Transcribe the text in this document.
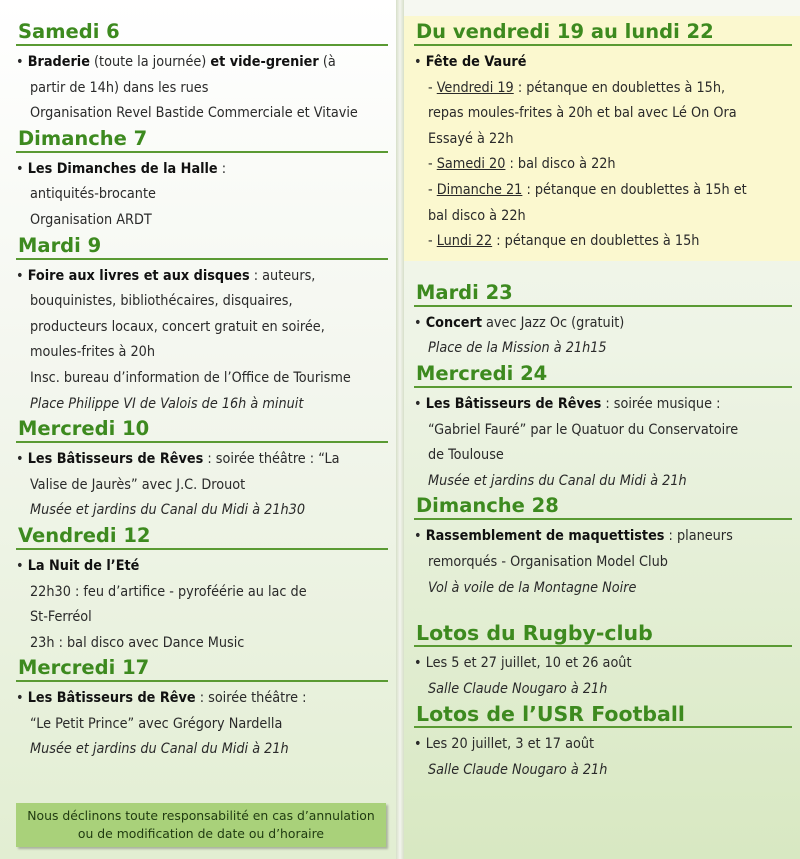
Samedi 6
• Braderie (toute la journée) et vide-grenier (à
partir de 14h) dans les rues
Organisation Revel Bastide Commerciale et Vitavie
Dimanche 7
• Les Dimanches de la Halle :
antiquités-brocante
Organisation ARDT
Mardi 9
• Foire aux livres et aux disques : auteurs,
bouquinistes, bibliothécaires, disquaires,
producteurs locaux, concert gratuit en soirée,
moules-frites à 20h
Insc. bureau d’information de l’Office de Tourisme
Place Philippe VI de Valois de 16h à minuit
Mercredi 10
• Les Bâtisseurs de Rêves : soirée théâtre : “La
Valise de Jaurès” avec J.C. Drouot
Musée et jardins du Canal du Midi à 21h30
Vendredi 12
• La Nuit de l’Eté
22h30 : feu d’artifice - pyroféérie au lac de
St-Ferréol
23h : bal disco avec Dance Music
Mercredi 17
• Les Bâtisseurs de Rêve : soirée théâtre :
“Le Petit Prince” avec Grégory Nardella
Musée et jardins du Canal du Midi à 21h
Nous déclinons toute responsabilité en cas d’annulation
ou de modification de date ou d’horaire
Du vendredi 19 au lundi 22
• Fête de Vauré
- Vendredi 19 : pétanque en doublettes à 15h,
repas moules-frites à 20h et bal avec Lé On Ora
Essayé à 22h
- Samedi 20 : bal disco à 22h
- Dimanche 21 : pétanque en doublettes à 15h et
bal disco à 22h
- Lundi 22 : pétanque en doublettes à 15h
Mardi 23
• Concert avec Jazz Oc (gratuit)
Place de la Mission à 21h15
Mercredi 24
• Les Bâtisseurs de Rêves : soirée musique :
“Gabriel Fauré” par le Quatuor du Conservatoire
de Toulouse
Musée et jardins du Canal du Midi à 21h
Dimanche 28
• Rassemblement de maquettistes : planeurs
remorqués - Organisation Model Club
Vol à voile de la Montagne Noire
Lotos du Rugby-club
• Les 5 et 27 juillet, 10 et 26 août
Salle Claude Nougaro à 21h
Lotos de l’USR Football
• Les 20 juillet, 3 et 17 août
Salle Claude Nougaro à 21h
